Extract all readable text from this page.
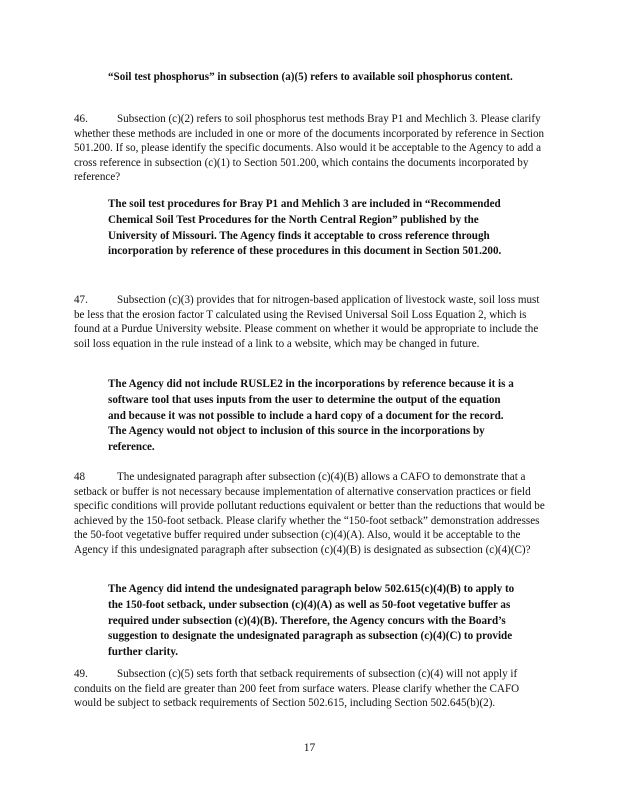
“Soil test phosphorus” in subsection (a)(5) refers to available soil phosphorus content.
46.	Subsection (c)(2) refers to soil phosphorus test methods Bray P1 and Mechlich 3. Please clarify whether these methods are included in one or more of the documents incorporated by reference in Section 501.200. If so, please identify the specific documents. Also would it be acceptable to the Agency to add a cross reference in subsection (c)(1) to Section 501.200, which contains the documents incorporated by reference?
The soil test procedures for Bray P1 and Mehlich 3 are included in “Recommended Chemical Soil Test Procedures for the North Central Region” published by the University of Missouri. The Agency finds it acceptable to cross reference through incorporation by reference of these procedures in this document in Section 501.200.
47.	Subsection (c)(3) provides that for nitrogen-based application of livestock waste, soil loss must be less that the erosion factor T calculated using the Revised Universal Soil Loss Equation 2, which is found at a Purdue University website. Please comment on whether it would be appropriate to include the soil loss equation in the rule instead of a link to a website, which may be changed in future.
The Agency did not include RUSLE2 in the incorporations by reference because it is a software tool that uses inputs from the user to determine the output of the equation and because it was not possible to include a hard copy of a document for the record. The Agency would not object to inclusion of this source in the incorporations by reference.
48	The undesignated paragraph after subsection (c)(4)(B) allows a CAFO to demonstrate that a setback or buffer is not necessary because implementation of alternative conservation practices or field specific conditions will provide pollutant reductions equivalent or better than the reductions that would be achieved by the 150-foot setback. Please clarify whether the “150-foot setback” demonstration addresses the 50-foot vegetative buffer required under subsection (c)(4)(A). Also, would it be acceptable to the Agency if this undesignated paragraph after subsection (c)(4)(B) is designated as subsection (c)(4)(C)?
The Agency did intend the undesignated paragraph below 502.615(c)(4)(B) to apply to the 150-foot setback, under subsection (c)(4)(A) as well as 50-foot vegetative buffer as required under subsection (c)(4)(B). Therefore, the Agency concurs with the Board’s suggestion to designate the undesignated paragraph as subsection (c)(4)(C) to provide further clarity.
49.	Subsection (c)(5) sets forth that setback requirements of subsection (c)(4) will not apply if conduits on the field are greater than 200 feet from surface waters. Please clarify whether the CAFO would be subject to setback requirements of Section 502.615, including Section 502.645(b)(2).
17
